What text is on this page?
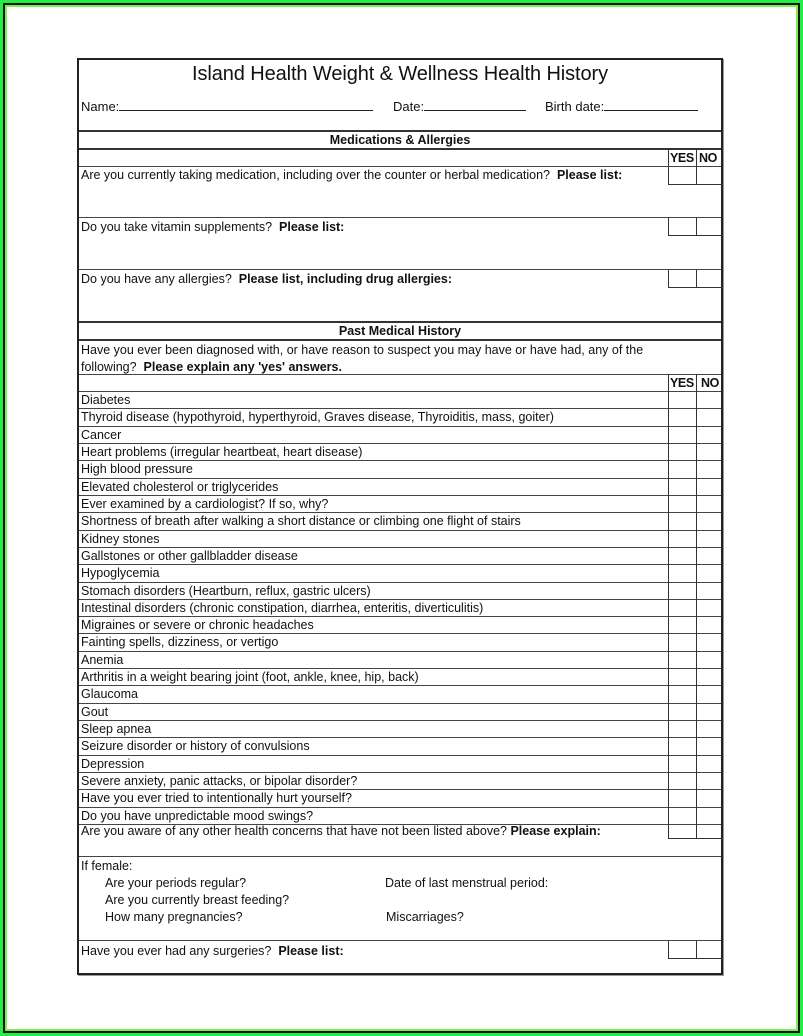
Island Health Weight & Wellness Health History
Name:	Date:	Birth date:
Medications & Allergies
YES NO
Are you currently taking medication, including over the counter or herbal medication? Please list:
Do you take vitamin supplements? Please list:
Do you have any allergies? Please list, including drug allergies:
Past Medical History
Have you ever been diagnosed with, or have reason to suspect you may have or have had, any of the
following? Please explain any 'yes' answers.
YES NO
Diabetes
Thyroid disease (hypothyroid, hyperthyroid, Graves disease, Thyroiditis, mass, goiter)
Cancer
Heart problems (irregular heartbeat, heart disease)
High blood pressure
Elevated cholesterol or triglycerides
Ever examined by a cardiologist? If so, why?
Shortness of breath after walking a short distance or climbing one flight of stairs
Kidney stones
Gallstones or other gallbladder disease
Hypoglycemia
Stomach disorders (Heartburn, reflux, gastric ulcers)
Intestinal disorders (chronic constipation, diarrhea, enteritis, diverticulitis)
Migraines or severe or chronic headaches
Fainting spells, dizziness, or vertigo
Anemia
Arthritis in a weight bearing joint (foot, ankle, knee, hip, back)
Glaucoma
Gout
Sleep apnea
Seizure disorder or history of convulsions
Depression
Severe anxiety, panic attacks, or bipolar disorder?
Have you ever tried to intentionally hurt yourself?
Do you have unpredictable mood swings?
Are you aware of any other health concerns that have not been listed above? Please explain:
If female:
Are your periods regular?	Date of last menstrual period:
Are you currently breast feeding?
How many pregnancies?	Miscarriages?
Have you ever had any surgeries? Please list:
